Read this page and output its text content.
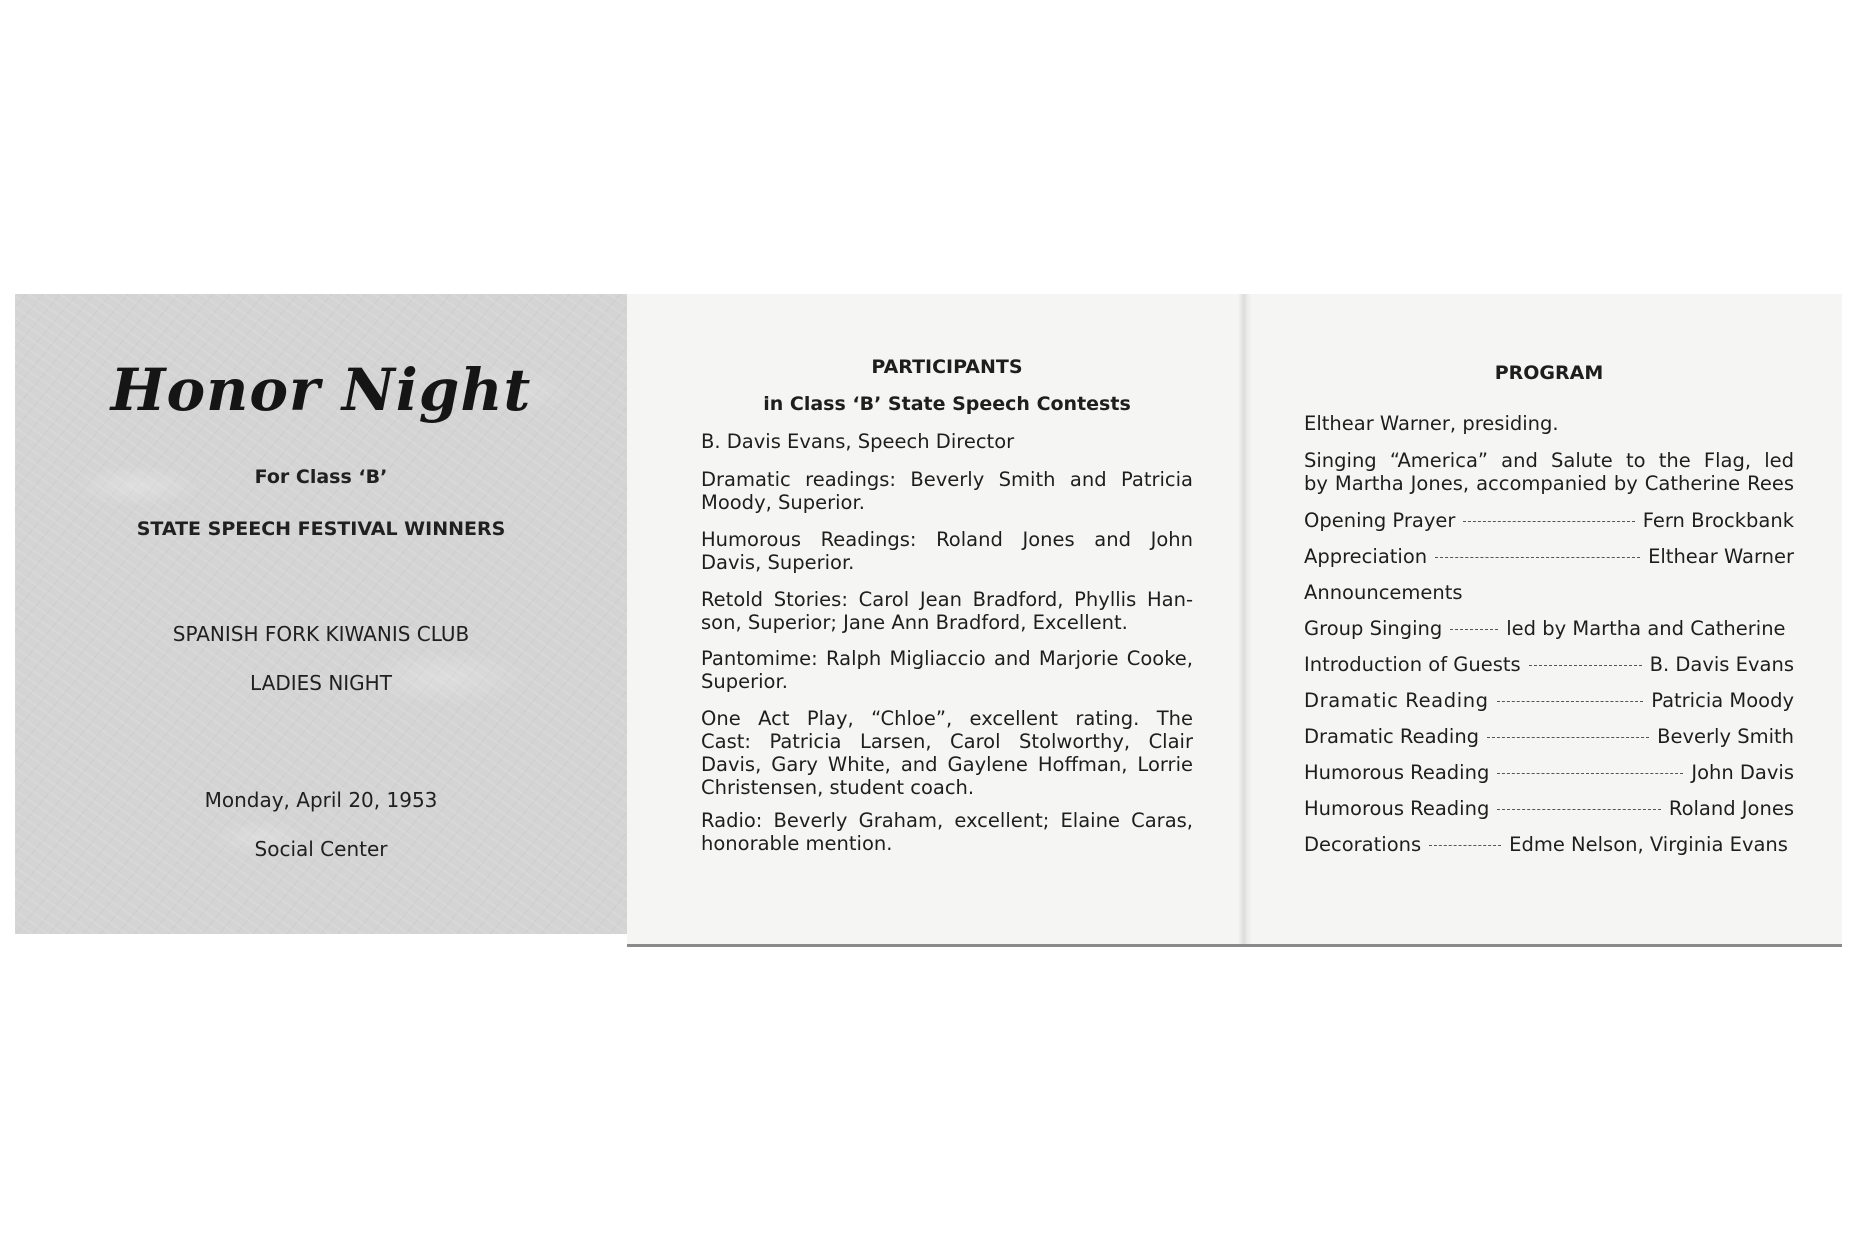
Honor Night
For Class ‘B’
STATE SPEECH FESTIVAL WINNERS
SPANISH FORK KIWANIS CLUB
LADIES NIGHT
Monday, April 20, 1953
Social Center
PARTICIPANTS
in Class ‘B’ State Speech Contests
B. Davis Evans, Speech Director
Dramatic readings: Beverly Smith and Patricia
Moody, Superior.
Humorous Readings: Roland Jones and John
Davis, Superior.
Retold Stories: Carol Jean Bradford, Phyllis Han-
son, Superior; Jane Ann Bradford, Excellent.
Pantomime: Ralph Migliaccio and Marjorie Cooke,
Superior.
One Act Play, “Chloe”, excellent rating. The
Cast: Patricia Larsen, Carol Stolworthy, Clair
Davis, Gary White, and Gaylene Hoffman, Lorrie
Christensen, student coach.
Radio: Beverly Graham, excellent; Elaine Caras,
honorable mention.
PROGRAM
Elthear Warner, presiding.
Singing “America” and Salute to the Flag, led
by Martha Jones, accompanied by Catherine Rees
Opening Prayer	Fern Brockbank
Appreciation	Elthear Warner
Announcements
Group Singing	led by Martha and Catherine
Introduction of Guests	B. Davis Evans
Dramatic Reading	Patricia Moody
Dramatic Reading	Beverly Smith
Humorous Reading	John Davis
Humorous Reading	Roland Jones
Decorations	Edme Nelson, Virginia Evans
